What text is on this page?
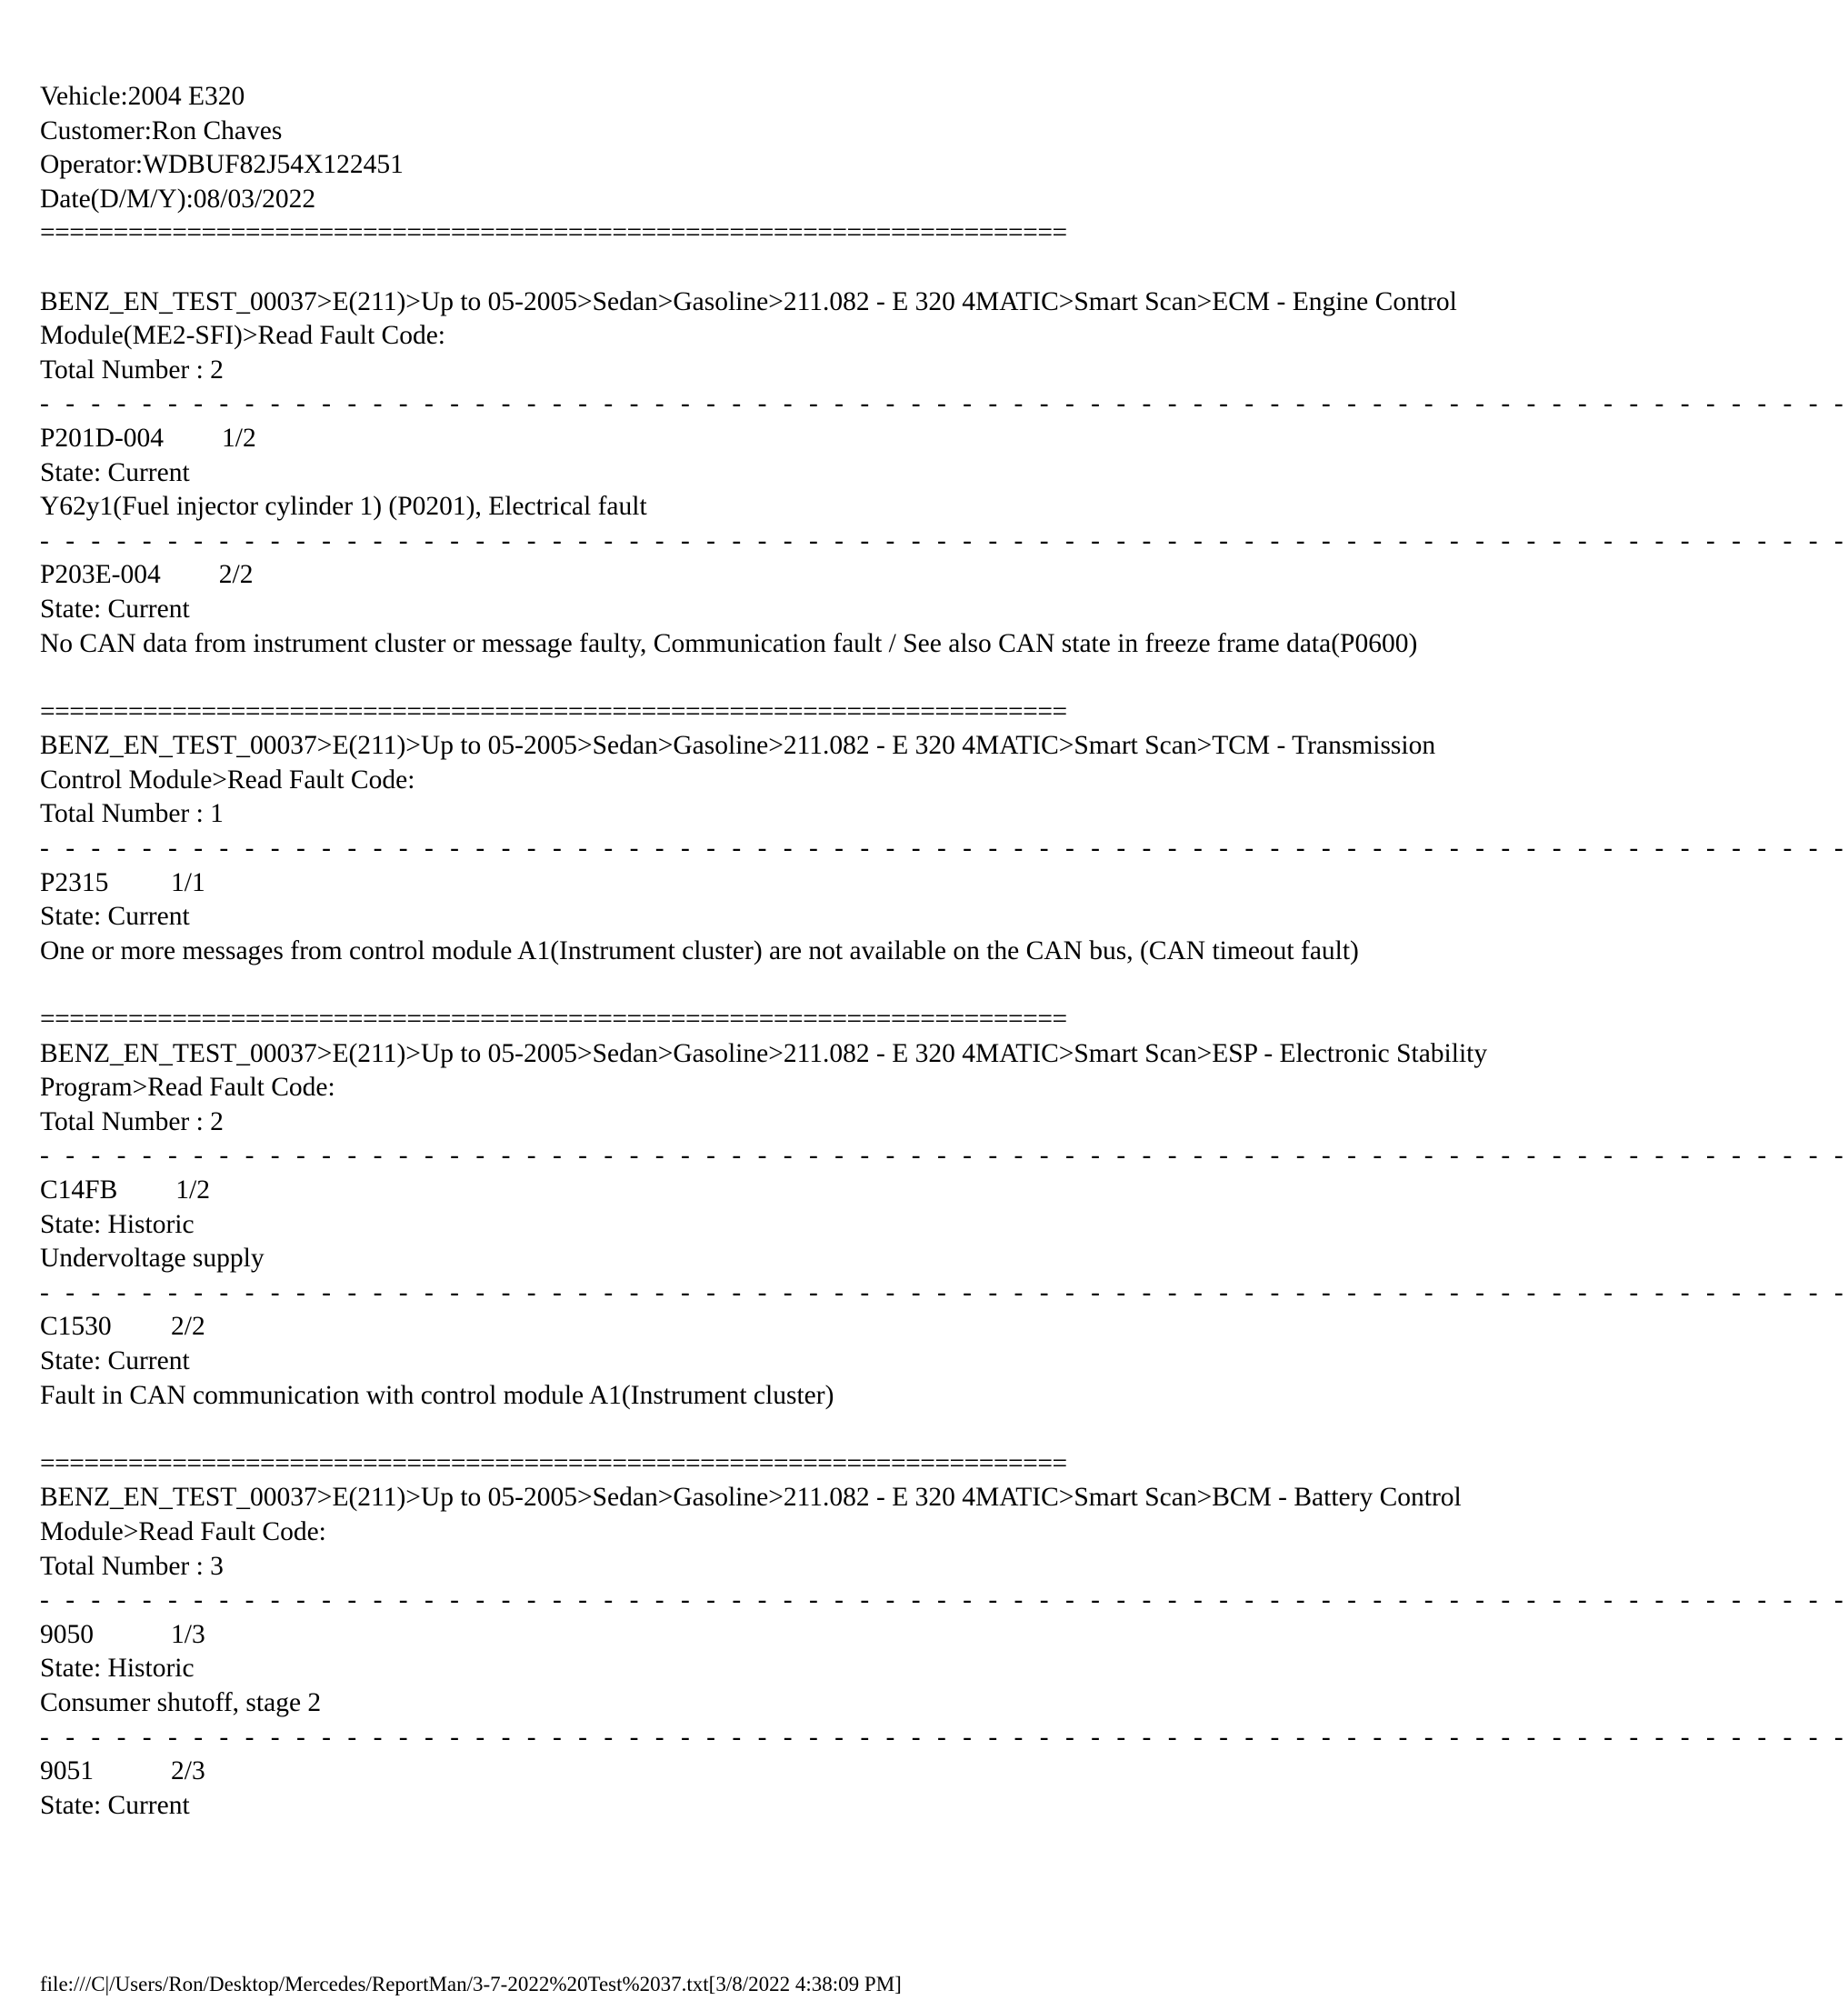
Vehicle:2004 E320
Customer:Ron Chaves
Operator:WDBUF82J54X122451
Date(D/M/Y):08/03/2022
======================================================================
BENZ_EN_TEST_00037>E(211)>Up to 05-2005>Sedan>Gasoline>211.082 - E 320 4MATIC>Smart Scan>ECM - Engine Control Module(ME2-SFI)>Read Fault Code:
Total Number : 2
- - - - - - - - - - - - - - - - - - - - - - - - - - - - - - - - - - - - - - - - - - - - - - - - - - - - - - - - - - - - - - - - - - - - - - -
P201D-004 1/2
State: Current
Y62y1(Fuel injector cylinder 1) (P0201), Electrical fault
- - - - - - - - - - - - - - - - - - - - - - - - - - - - - - - - - - - - - - - - - - - - - - - - - - - - - - - - - - - - - - - - - - - - - - -
P203E-004 2/2
State: Current
No CAN data from instrument cluster or message faulty, Communication fault / See also CAN state in freeze frame data(P0600)
======================================================================
BENZ_EN_TEST_00037>E(211)>Up to 05-2005>Sedan>Gasoline>211.082 - E 320 4MATIC>Smart Scan>TCM - Transmission Control Module>Read Fault Code:
Total Number : 1
- - - - - - - - - - - - - - - - - - - - - - - - - - - - - - - - - - - - - - - - - - - - - - - - - - - - - - - - - - - - - - - - - - - - - - -
P2315 1/1
State: Current
One or more messages from control module A1(Instrument cluster) are not available on the CAN bus, (CAN timeout fault)
======================================================================
BENZ_EN_TEST_00037>E(211)>Up to 05-2005>Sedan>Gasoline>211.082 - E 320 4MATIC>Smart Scan>ESP - Electronic Stability Program>Read Fault Code:
Total Number : 2
- - - - - - - - - - - - - - - - - - - - - - - - - - - - - - - - - - - - - - - - - - - - - - - - - - - - - - - - - - - - - - - - - - - - - - -
C14FB 1/2
State: Historic
Undervoltage supply
- - - - - - - - - - - - - - - - - - - - - - - - - - - - - - - - - - - - - - - - - - - - - - - - - - - - - - - - - - - - - - - - - - - - - - -
C1530 2/2
State: Current
Fault in CAN communication with control module A1(Instrument cluster)
======================================================================
BENZ_EN_TEST_00037>E(211)>Up to 05-2005>Sedan>Gasoline>211.082 - E 320 4MATIC>Smart Scan>BCM - Battery Control Module>Read Fault Code:
Total Number : 3
- - - - - - - - - - - - - - - - - - - - - - - - - - - - - - - - - - - - - - - - - - - - - - - - - - - - - - - - - - - - - - - - - - - - - - -
9050	1/3
State: Historic
Consumer shutoff, stage 2
- - - - - - - - - - - - - - - - - - - - - - - - - - - - - - - - - - - - - - - - - - - - - - - - - - - - - - - - - - - - - - - - - - - - - - -
9051	2/3
State: Current
file:///C|/Users/Ron/Desktop/Mercedes/ReportMan/3-7-2022%20Test%2037.txt[3/8/2022 4:38:09 PM]
